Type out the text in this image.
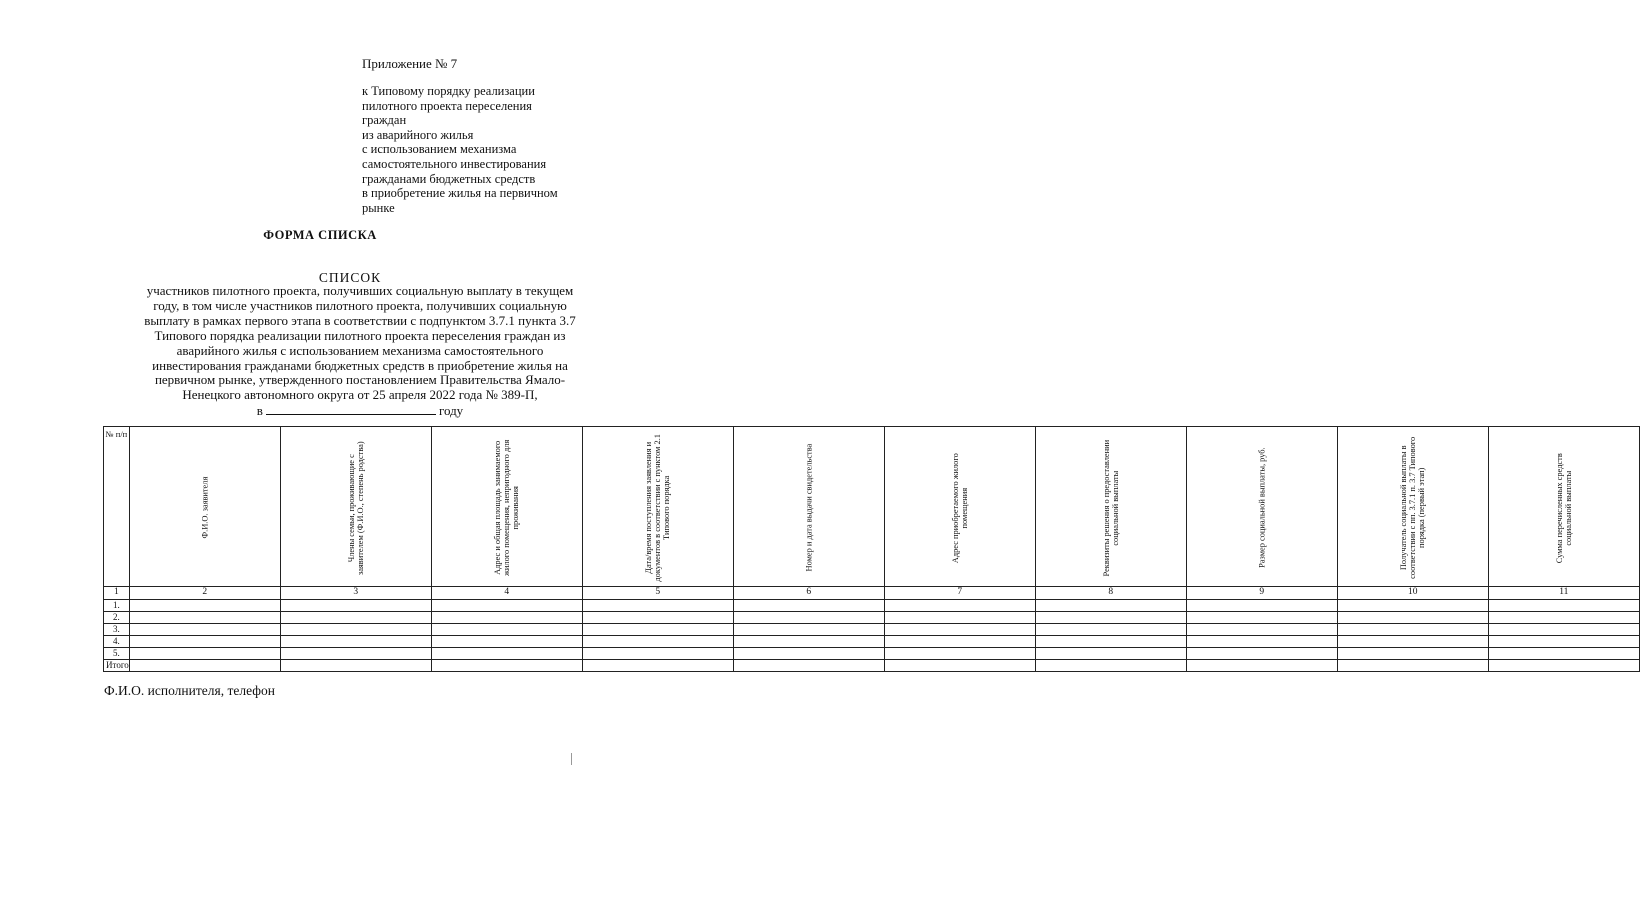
Приложение № 7
к Типовому порядку реализации
пилотного проекта переселения
граждан
из аварийного жилья
с использованием механизма
самостоятельного инвестирования
гражданами бюджетных средств
в приобретение жилья на первичном
рынке
ФОРМА СПИСКА
СПИСОК
участников пилотного проекта, получивших социальную выплату в текущем
году, в том числе участников пилотного проекта, получивших социальную
выплату в рамках первого этапа в соответствии с подпунктом 3.7.1 пункта 3.7
Типового порядка реализации пилотного проекта переселения граждан из
аварийного жилья с использованием механизма самостоятельного
инвестирования гражданами бюджетных средств в приобретение жилья на
первичном рынке, утвержденного постановлением Правительства Ямало-
Ненецкого автономного округа от 25 апреля 2022 года № 389-П,
в	году
№ п/п	Ф.И.О. заявителя	Члены семьи, проживающие с заявителем (Ф.И.О., степень родства)	Адрес и общая площадь занимаемого жилого помещения, непригодного для проживания	Дата/время поступления заявления и документов в соответствии с пунктом 2.1 Типового порядка	Номер и дата выдачи свидетельства	Адрес приобретаемого жилого помещения	Реквизиты решения о предоставлении социальной выплаты	Размер социальной выплаты, руб.	Получатель социальной выплаты в соответствии с пп. 3.7.1 п. 3.7 Типового порядка (первый этап)	Сумма перечисленных средств социальной выплаты

1	2	3	4	5	6	7	8	9	10	11
1.										
2.										
3.										
4.										
5.										
Итого										
Ф.И.О. исполнителя, телефон
